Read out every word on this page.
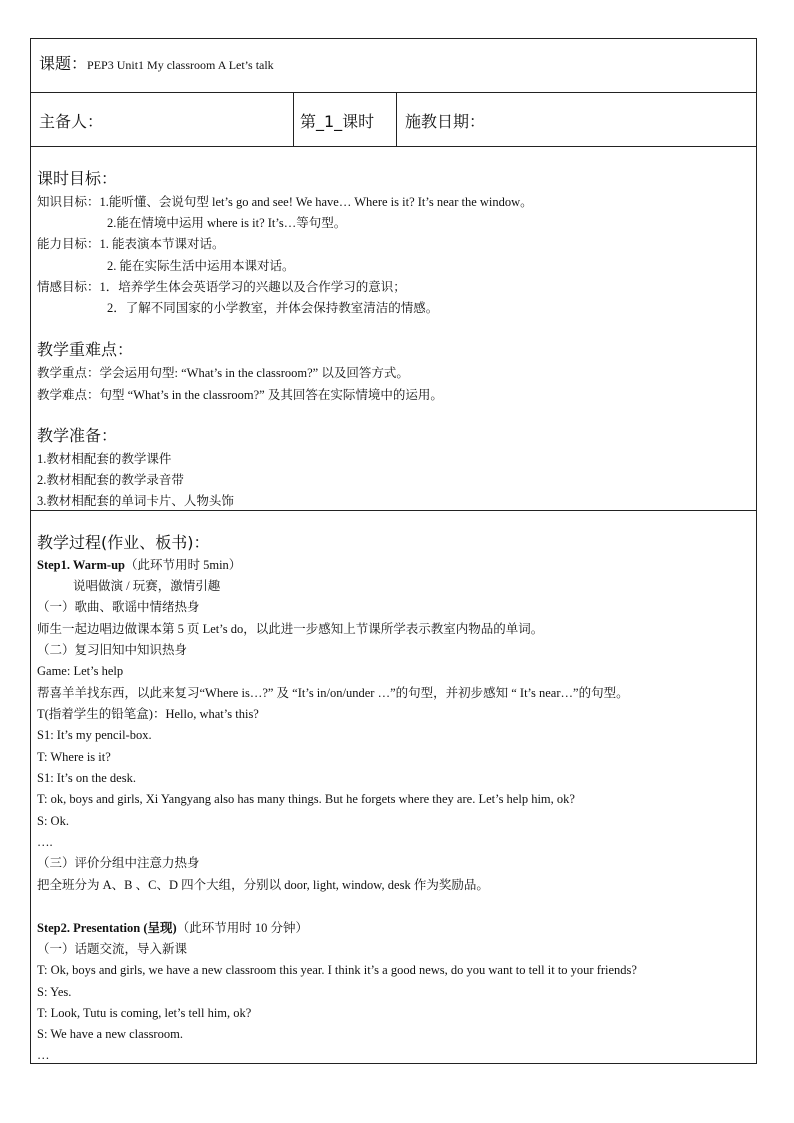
课题：PEP3 Unit1 My classroom A Let’s talk
主备人：	第_1_课时 施教日期：
课时目标：
知识目标：1.能听懂、会说句型 let’s go and see! We have… Where is it? It’s near the window。
2.能在情境中运用 where is it? It’s…等句型。
能力目标：1. 能表演本节课对话。
2. 能在实际生活中运用本课对话。
情感目标：1．培养学生体会英语学习的兴趣以及合作学习的意识；
2．了解不同国家的小学教室，并体会保持教室清洁的情感。
教学重难点：
教学重点：学会运用句型: “What’s in the classroom?” 以及回答方式。
教学难点：句型 “What’s in the classroom?” 及其回答在实际情境中的运用。
教学准备：
1.教材相配套的教学课件
2.教材相配套的教学录音带
3.教材相配套的单词卡片、人物头饰
教学过程(作业、板书)：
Step1. Warm-up（此环节用时 5min）
说唱做演 / 玩赛，激情引趣
（一）歌曲、歌谣中情绪热身
师生一起边唱边做课本第 5 页 Let’s do，以此进一步感知上节课所学表示教室内物品的单词。
（二）复习旧知中知识热身
Game: Let’s help
帮喜羊羊找东西，以此来复习“Where is…?” 及 “It’s in/on/under …”的句型，并初步感知 “ It’s near…”的句型。
T(指着学生的铅笔盒)：Hello, what’s this?
S1: It’s my pencil-box.
T: Where is it?
S1: It’s on the desk.
T: ok, boys and girls, Xi Yangyang also has many things. But he forgets where they are. Let’s help him, ok?
S: Ok.
….
（三）评价分组中注意力热身
把全班分为 A、B 、C、D 四个大组，分别以 door, light, window, desk 作为奖励品。
Step2. Presentation (呈现)（此环节用时 10 分钟）
（一）话题交流，导入新课
T: Ok, boys and girls, we have a new classroom this year. I think it’s a good news, do you want to tell it to your friends?
S: Yes.
T: Look, Tutu is coming, let’s tell him, ok?
S: We have a new classroom.
…
